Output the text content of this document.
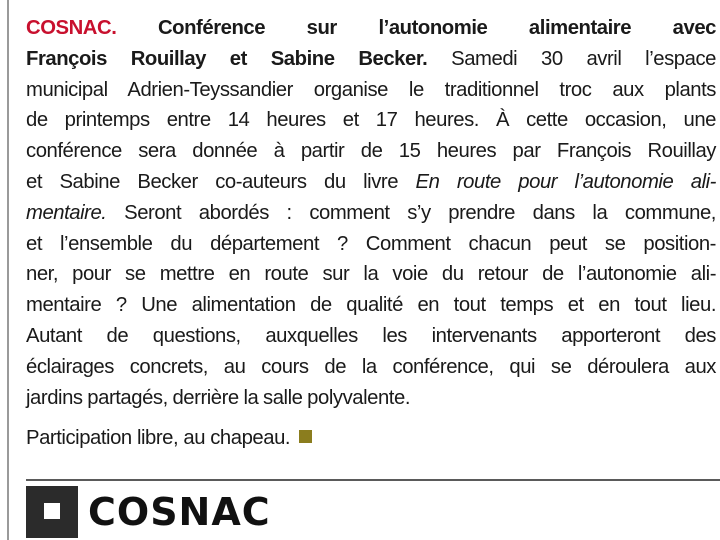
COSNAC. Conférence sur l’autonomie alimentaire avec
François Rouillay et Sabine Becker. Samedi 30 avril l’espace
municipal Adrien-Teyssandier organise le traditionnel troc aux plants
de printemps entre 14 heures et 17 heures. À cette occasion, une
conférence sera donnée à partir de 15 heures par François Rouillay
et Sabine Becker co-auteurs du livre En route pour l’autonomie ali-
mentaire. Seront abordés : comment s’y prendre dans la commune,
et l’ensemble du département ? Comment chacun peut se position-
ner, pour se mettre en route sur la voie du retour de l’autonomie ali-
mentaire ? Une alimentation de qualité en tout temps et en tout lieu.
Autant de questions, auxquelles les intervenants apporteront des
éclairages concrets, au cours de la conférence, qui se déroulera aux
jardins partagés, derrière la salle polyvalente.
Participation libre, au chapeau.
COSNAC
